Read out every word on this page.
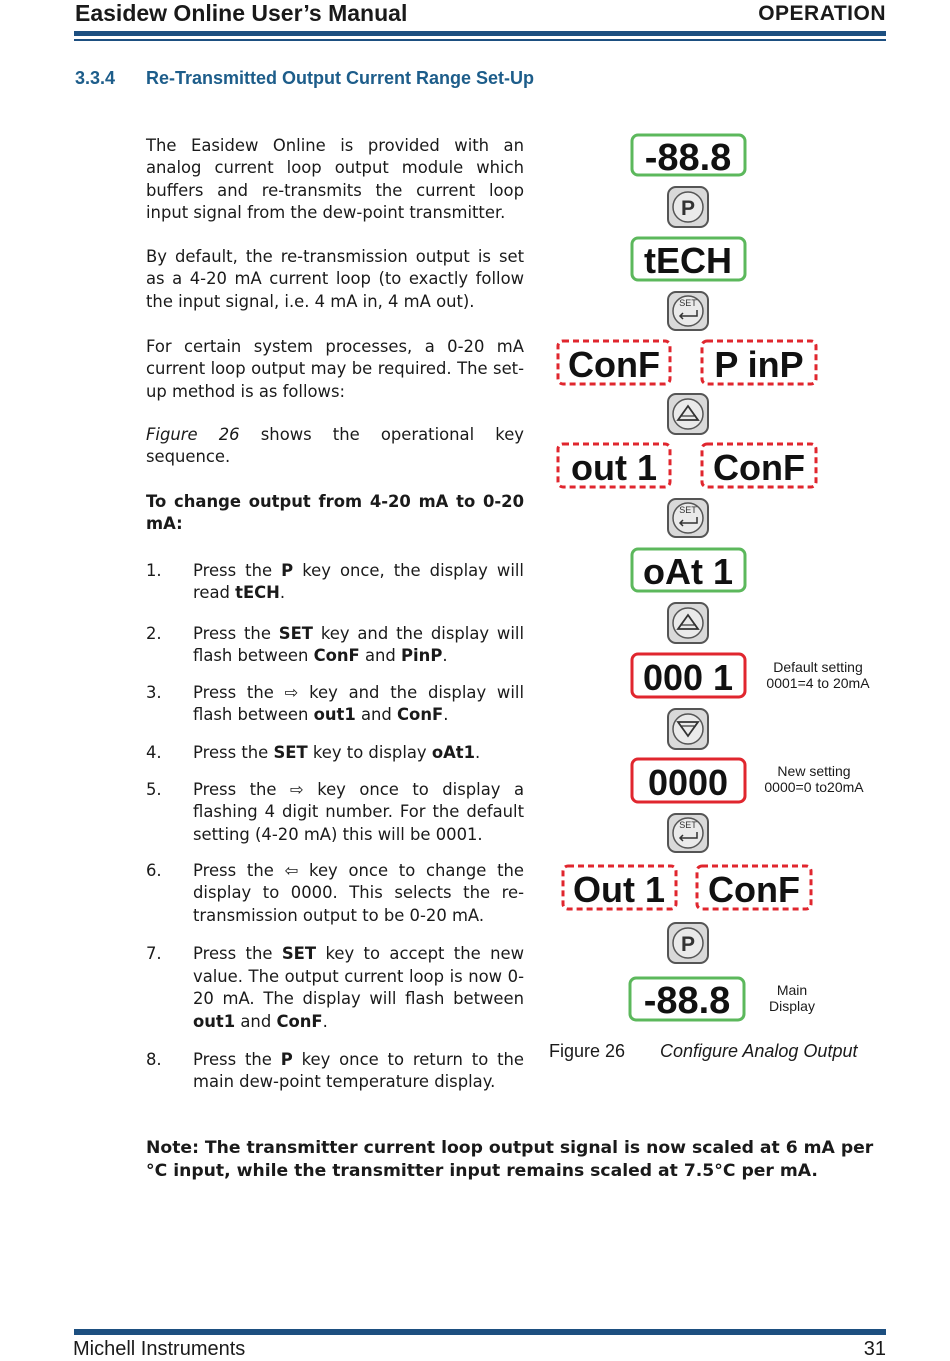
Easidew Online User’s Manual	OPERATION
3.3.4 Re-Transmitted Output Current Range Set-Up
The Easidew Online is provided with an analog current loop output module which buffers and re-transmits the current loop input signal from the dew-point transmitter.
By default, the re-transmission output is set as a 4-20 mA current loop (to exactly follow the input signal, i.e. 4 mA in, 4 mA out).
For certain system processes, a 0-20 mA current loop output may be required. The set-up method is as follows:
Figure 26 shows the operational key sequence.
To change output from 4-20 mA to 0-20 mA:
1. Press the P key once, the display will read tECH.
2. Press the SET key and the display will flash between ConF and PinP.
3. Press the ⇨ key and the display will flash between out1 and ConF.
4. Press the SET key to display oAt1.
5. Press the ⇨ key once to display a flashing 4 digit number. For the default setting (4-20 mA) this will be 0001.
6. Press the ⇦ key once to change the display to 0000. This selects the re-transmission output to be 0-20 mA.
7. Press the SET key to accept the new value. The output current loop is now 0-20 mA. The display will flash between out1 and ConF.
8. Press the P key once to return to the main dew-point temperature display.
-88.8
P
tECH
SET
ConF P inP
out 1 ConF
SET
oAt 1
000 1
0000
SET
Out 1 ConF
P
-88.8
Default setting
0001=4 to 20mA
New setting
0000=0 to20mA
Main
Display
Figure 26 Configure Analog Output
Note: The transmitter current loop output signal is now scaled at 6 mA per °C input, while the transmitter input remains scaled at 7.5°C per mA.
Michell Instruments	31
